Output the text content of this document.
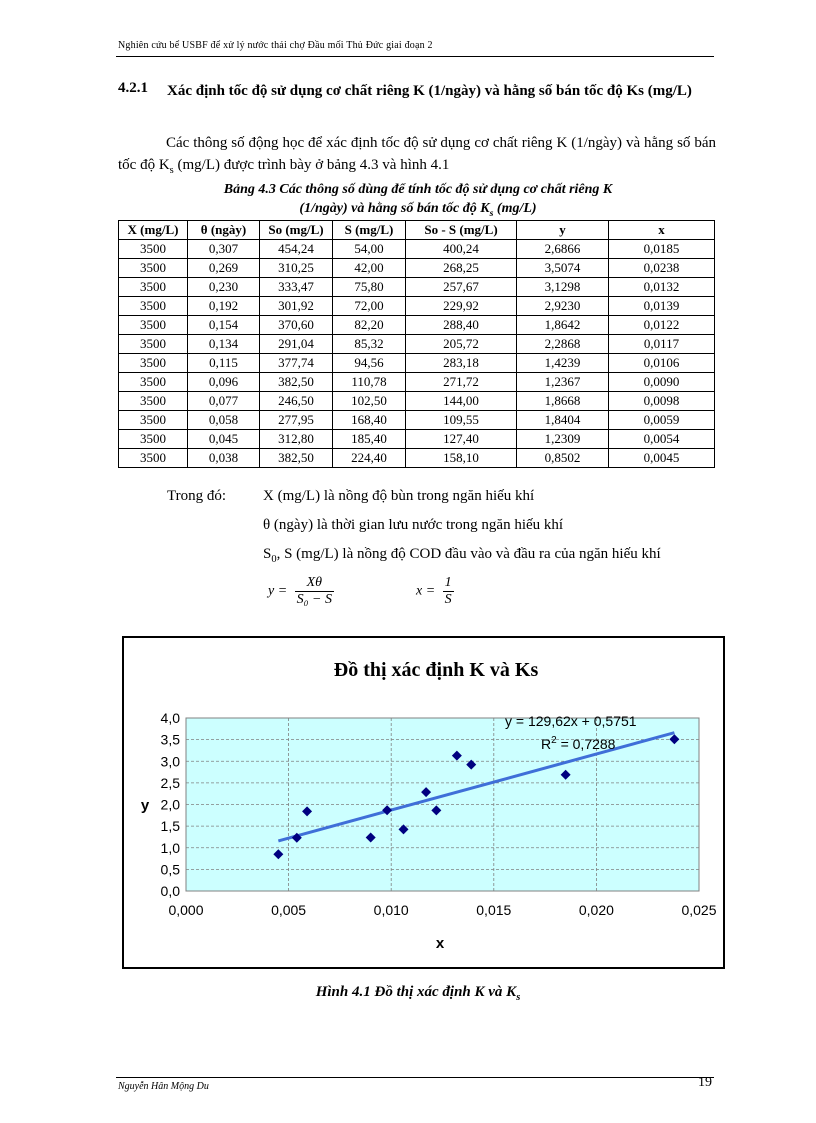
Nghiên cứu bể USBF để xử lý nước thải chợ Đầu mối Thủ Đức giai đoạn 2
4.2.1 Xác định tốc độ sử dụng cơ chất riêng K (1/ngày) và hằng số bán tốc độ Ks (mg/L)
Các thông số động học để xác định tốc độ sử dụng cơ chất riêng K (1/ngày) và hằng số bán tốc độ $K_s$ (mg/L) được trình bày ở bảng 4.3 và hình 4.1
Bảng 4.3 Các thông số dùng để tính tốc độ sử dụng cơ chất riêng K
(1/ngày) và hằng số bán tốc độ $K_s$ (mg/L)
X (mg/L)	θ (ngày)	So (mg/L)	S (mg/L)	So - S (mg/L)	y	x
3500	0,307	454,24	54,00	400,24	2,6866	0,0185
3500	0,269	310,25	42,00	268,25	3,5074	0,0238
3500	0,230	333,47	75,80	257,67	3,1298	0,0132
3500	0,192	301,92	72,00	229,92	2,9230	0,0139
3500	0,154	370,60	82,20	288,40	1,8642	0,0122
3500	0,134	291,04	85,32	205,72	2,2868	0,0117
3500	0,115	377,74	94,56	283,18	1,4239	0,0106
3500	0,096	382,50	110,78	271,72	1,2367	0,0090
3500	0,077	246,50	102,50	144,00	1,8668	0,0098
3500	0,058	277,95	168,40	109,55	1,8404	0,0059
3500	0,045	312,80	185,40	127,40	1,2309	0,0054
3500	0,038	382,50	224,40	158,10	0,8502	0,0045
Trong đó: X (mg/L) là nồng độ bùn trong ngăn hiếu khí
θ (ngày) là thời gian lưu nước trong ngăn hiếu khí
$S_0$, S (mg/L) là nồng độ COD đầu vào và đầu ra của ngăn hiếu khí
$y = \frac{X\theta}{\text{S₀ − S}}$	$x = \frac{1}{S}$
Đồ thị xác định K và Ks
0,0
0,5
1,0
1,5
2,0
2,5
3,0
3,5
4,0
0,000	0,005	0,010	0,015	0,020	0,025
y = 129,62x + 0,5751
$R^2 = 0,7288$
x
y
Hình 4.1 Đồ thị xác định K và $K_s$
Nguyễn Hân Mộng Du	19
